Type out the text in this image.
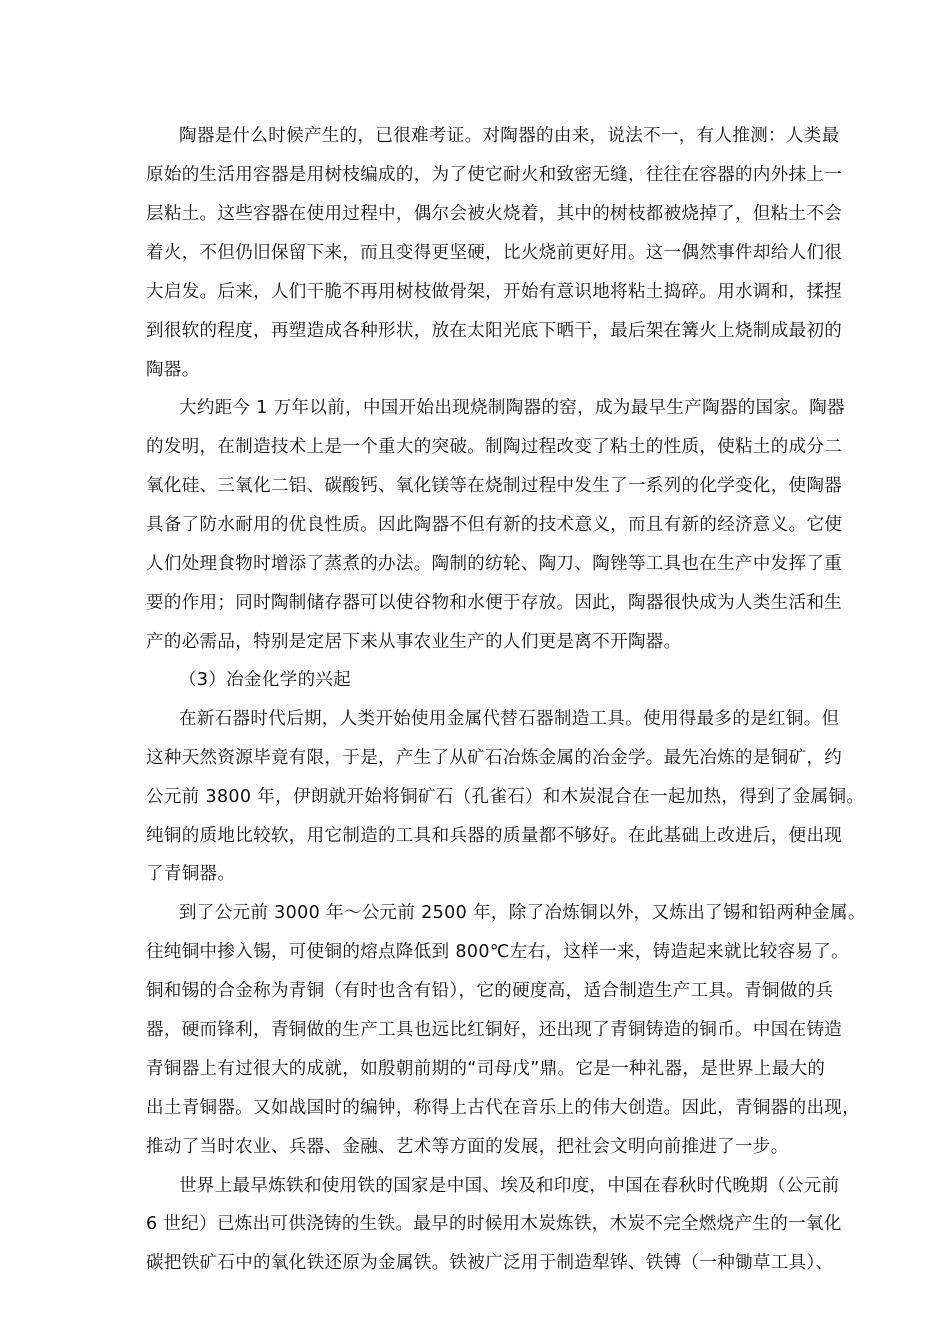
陶器是什么时候产生的，已很难考证。对陶器的由来，说法不一，有人推测：人类最
原始的生活用容器是用树枝编成的，为了使它耐火和致密无缝，往往在容器的内外抹上一
层粘土。这些容器在使用过程中，偶尔会被火烧着，其中的树枝都被烧掉了，但粘土不会
着火，不但仍旧保留下来，而且变得更坚硬，比火烧前更好用。这一偶然事件却给人们很
大启发。后来，人们干脆不再用树枝做骨架，开始有意识地将粘土捣碎。用水调和，揉捏
到很软的程度，再塑造成各种形状，放在太阳光底下晒干，最后架在篝火上烧制成最初的
陶器。
大约距今 1 万年以前，中国开始出现烧制陶器的窑，成为最早生产陶器的国家。陶器
的发明，在制造技术上是一个重大的突破。制陶过程改变了粘土的性质，使粘土的成分二
氧化硅、三氧化二铝、碳酸钙、氧化镁等在烧制过程中发生了一系列的化学变化，使陶器
具备了防水耐用的优良性质。因此陶器不但有新的技术意义，而且有新的经济意义。它使
人们处理食物时增添了蒸煮的办法。陶制的纺轮、陶刀、陶锉等工具也在生产中发挥了重
要的作用；同时陶制储存器可以使谷物和水便于存放。因此，陶器很快成为人类生活和生
产的必需品，特别是定居下来从事农业生产的人们更是离不开陶器。
（3）冶金化学的兴起
在新石器时代后期，人类开始使用金属代替石器制造工具。使用得最多的是红铜。但
这种天然资源毕竟有限，于是，产生了从矿石冶炼金属的冶金学。最先冶炼的是铜矿，约
公元前 3800 年，伊朗就开始将铜矿石（孔雀石）和木炭混合在一起加热，得到了金属铜。
纯铜的质地比较软，用它制造的工具和兵器的质量都不够好。在此基础上改进后，便出现
了青铜器。
到了公元前 3000 年～公元前 2500 年，除了冶炼铜以外，又炼出了锡和铅两种金属。
往纯铜中掺入锡，可使铜的熔点降低到 800℃左右，这样一来，铸造起来就比较容易了。
铜和锡的合金称为青铜（有时也含有铅），它的硬度高，适合制造生产工具。青铜做的兵
器，硬而锋利，青铜做的生产工具也远比红铜好，还出现了青铜铸造的铜币。中国在铸造
青铜器上有过很大的成就，如殷朝前期的“司母戊”鼎。它是一种礼器，是世界上最大的
出土青铜器。又如战国时的编钟，称得上古代在音乐上的伟大创造。因此，青铜器的出现，
推动了当时农业、兵器、金融、艺术等方面的发展，把社会文明向前推进了一步。
世界上最早炼铁和使用铁的国家是中国、埃及和印度，中国在春秋时代晚期（公元前
6 世纪）已炼出可供浇铸的生铁。最早的时候用木炭炼铁，木炭不完全燃烧产生的一氧化
碳把铁矿石中的氧化铁还原为金属铁。铁被广泛用于制造犁铧、铁镈（一种锄草工具）、
